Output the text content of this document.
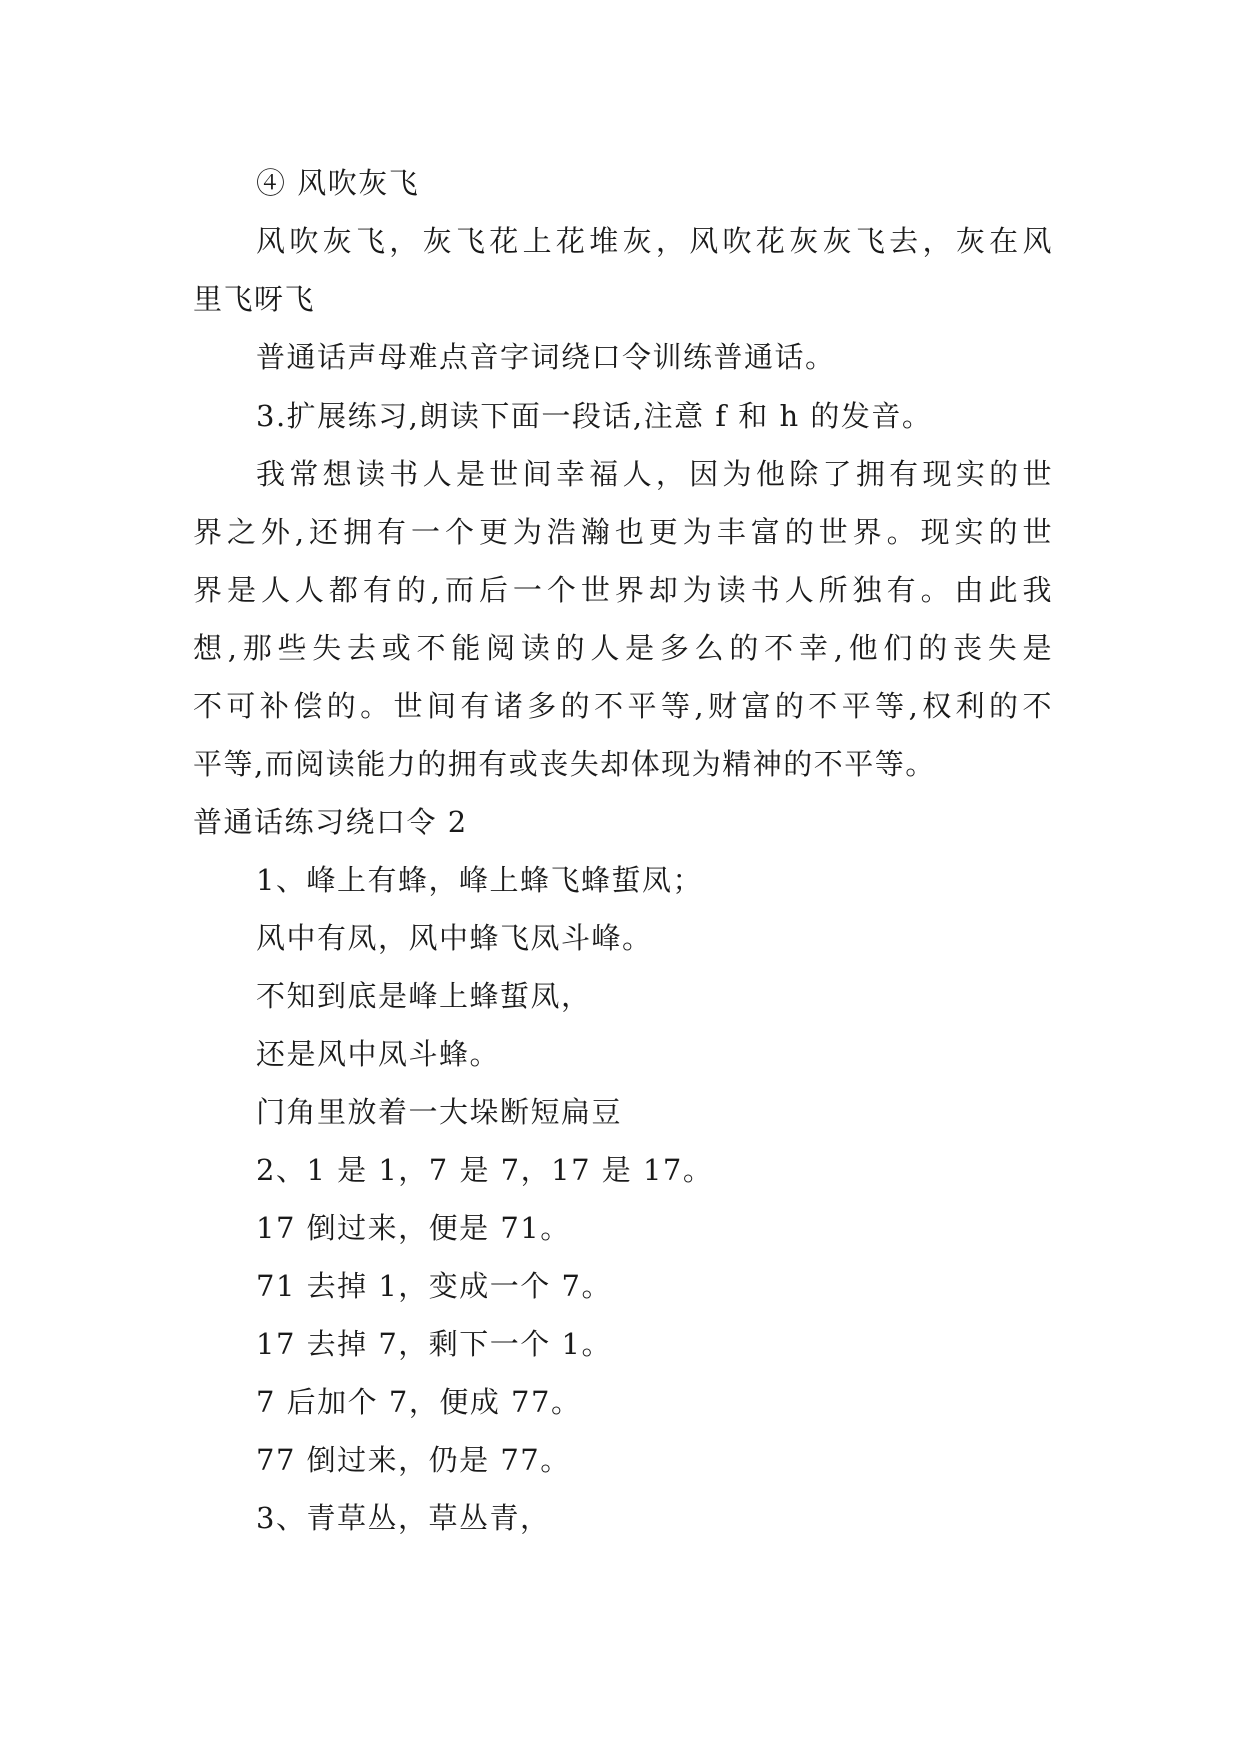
④ 风吹灰飞
风吹灰飞，灰飞花上花堆灰，风吹花灰灰飞去，灰在风
里飞呀飞
普通话声母难点音字词绕口令训练普通话。
3.扩展练习,朗读下面一段话,注意 f 和 h 的发音。
我常想读书人是世间幸福人，因为他除了拥有现实的世
界之外,还拥有一个更为浩瀚也更为丰富的世界。现实的世
界是人人都有的,而后一个世界却为读书人所独有。由此我
想,那些失去或不能阅读的人是多么的不幸,他们的丧失是
不可补偿的。世间有诸多的不平等,财富的不平等,权利的不
平等,而阅读能力的拥有或丧失却体现为精神的不平等。
普通话练习绕口令 2
1、峰上有蜂，峰上蜂飞蜂蜇凤；
风中有凤，风中蜂飞凤斗峰。
不知到底是峰上蜂蜇凤，
还是风中凤斗蜂。
门角里放着一大垛断短扁豆
2、1 是 1，7 是 7，17 是 17。
17 倒过来，便是 71。
71 去掉 1，变成一个 7。
17 去掉 7，剩下一个 1。
7 后加个 7，便成 77。
77 倒过来，仍是 77。
3、青草丛，草丛青，
